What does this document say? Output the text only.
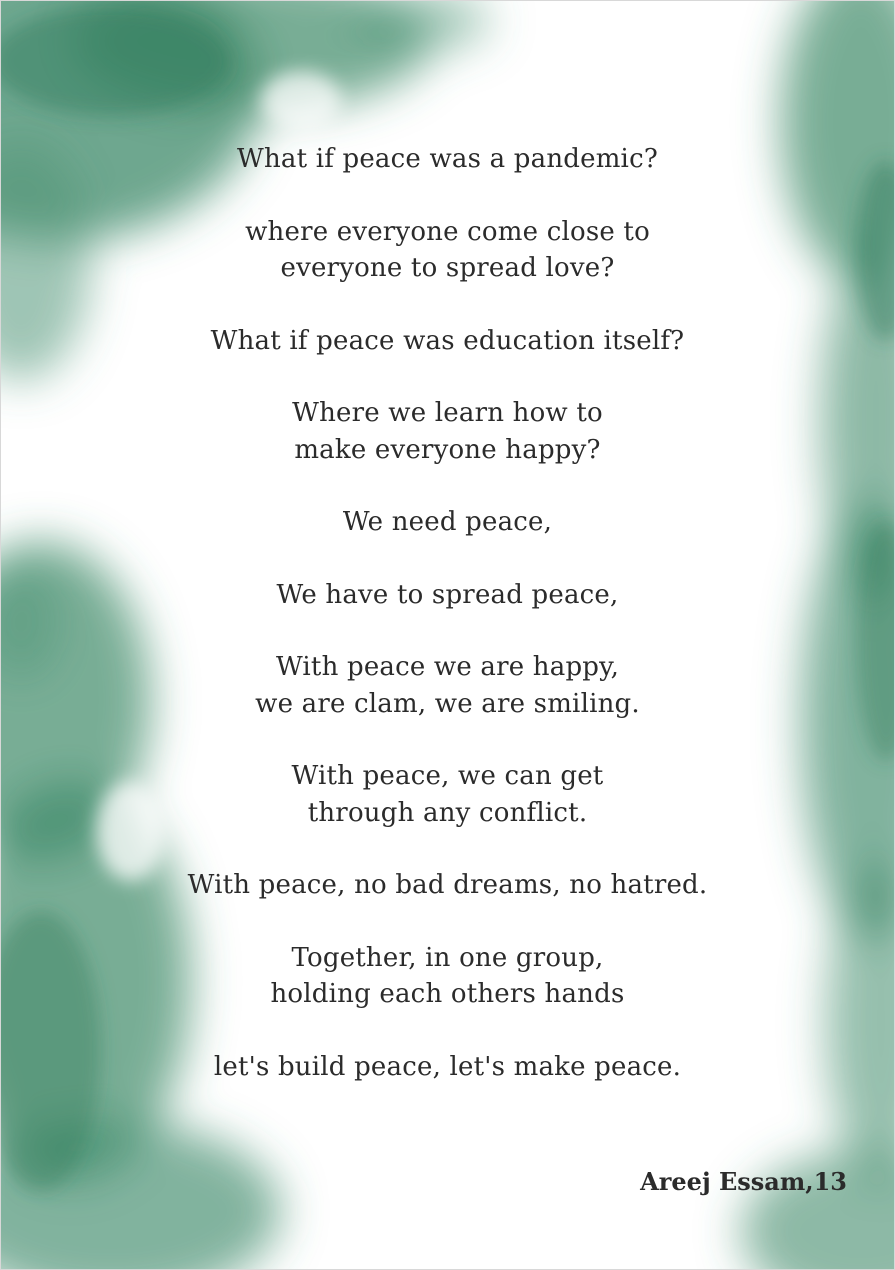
What if peace was a pandemic?
where everyone come close to
everyone to spread love?
What if peace was education itself?
Where we learn how to
make everyone happy?
We need peace,
We have to spread peace,
With peace we are happy,
we are clam, we are smiling.
With peace, we can get
through any conflict.
With peace, no bad dreams, no hatred.
Together, in one group,
holding each others hands
let's build peace, let's make peace.
Areej Essam,13
